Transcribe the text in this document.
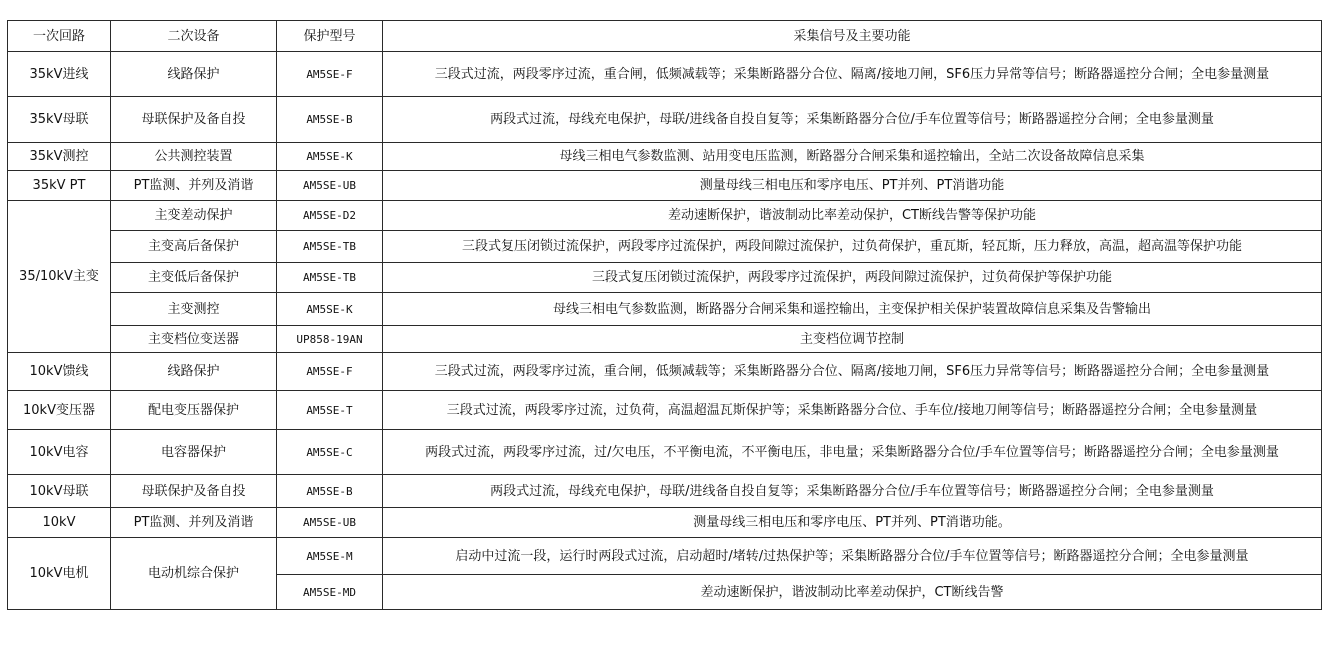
一次回路	二次设备	保护型号	采集信号及主要功能
35kV进线	线路保护	AM5SE-F	三段式过流，两段零序过流，重合闸，低频减载等；采集断路器分合位、隔离/接地刀闸，SF6压力异常等信号；断路器遥控分合闸；全电参量测量
35kV母联	母联保护及备自投	AM5SE-B	两段式过流，母线充电保护，母联/进线备自投自复等；采集断路器分合位/手车位置等信号；断路器遥控分合闸；全电参量测量
35kV测控	公共测控装置	AM5SE-K	母线三相电气参数监测、站用变电压监测，断路器分合闸采集和遥控输出，全站二次设备故障信息采集
35kV PT	PT监测、并列及消谐	AM5SE-UB	测量母线三相电压和零序电压、PT并列、PT消谐功能
35/10kV主变	主变差动保护	AM5SE-D2	差动速断保护，谐波制动比率差动保护，CT断线告警等保护功能
	主变高后备保护	AM5SE-TB	三段式复压闭锁过流保护，两段零序过流保护，两段间隙过流保护，过负荷保护，重瓦斯，轻瓦斯，压力释放，高温，超高温等保护功能
	主变低后备保护	AM5SE-TB	三段式复压闭锁过流保护，两段零序过流保护，两段间隙过流保护，过负荷保护等保护功能
	主变测控	AM5SE-K	母线三相电气参数监测，断路器分合闸采集和遥控输出，主变保护相关保护装置故障信息采集及告警输出
	主变档位变送器	UP858-19AN	主变档位调节控制
10kV馈线	线路保护	AM5SE-F	三段式过流，两段零序过流，重合闸，低频减载等；采集断路器分合位、隔离/接地刀闸，SF6压力异常等信号；断路器遥控分合闸；全电参量测量
10kV变压器	配电变压器保护	AM5SE-T	三段式过流，两段零序过流，过负荷，高温超温瓦斯保护等；采集断路器分合位、手车位/接地刀闸等信号；断路器遥控分合闸；全电参量测量
10kV电容	电容器保护	AM5SE-C	两段式过流，两段零序过流，过/欠电压，不平衡电流，不平衡电压，非电量；采集断路器分合位/手车位置等信号；断路器遥控分合闸；全电参量测量
10kV母联	母联保护及备自投	AM5SE-B	两段式过流，母线充电保护，母联/进线备自投自复等；采集断路器分合位/手车位置等信号；断路器遥控分合闸；全电参量测量
10kV	PT监测、并列及消谐	AM5SE-UB	测量母线三相电压和零序电压、PT并列、PT消谐功能。
10kV电机	电动机综合保护	AM5SE-M	启动中过流一段，运行时两段式过流，启动超时/堵转/过热保护等；采集断路器分合位/手车位置等信号；断路器遥控分合闸；全电参量测量
		AM5SE-MD	差动速断保护，谐波制动比率差动保护，CT断线告警
